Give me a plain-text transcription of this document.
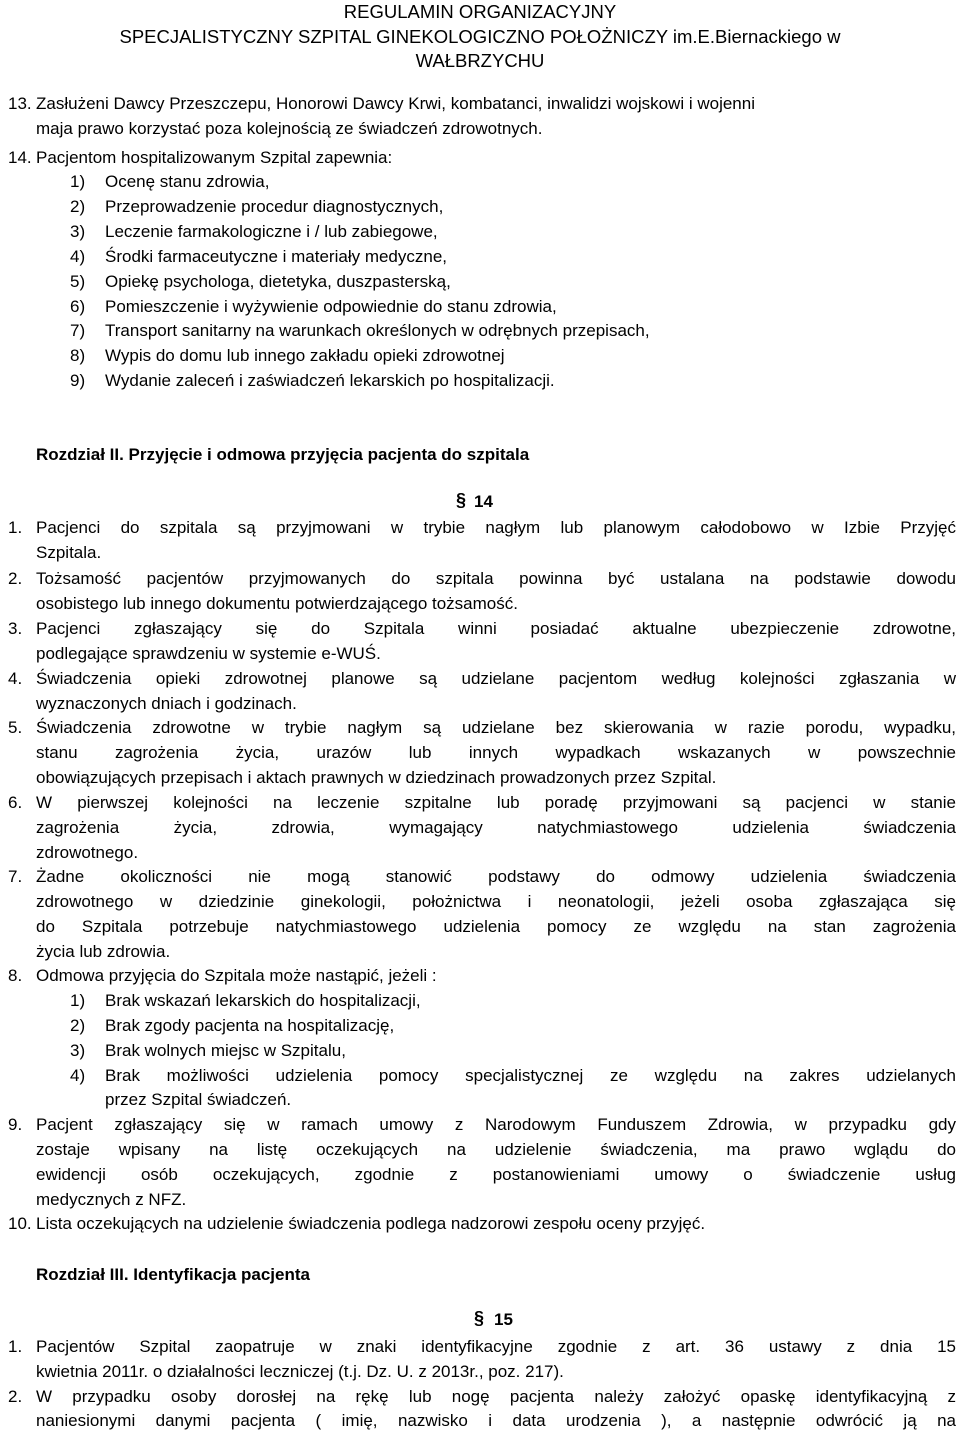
REGULAMIN ORGANIZACYJNY
SPECJALISTYCZNY SZPITAL GINEKOLOGICZNO POŁOŻNICZY im.E.Biernackiego w
WAŁBRZYCHU
13. Zasłużeni Dawcy Przeszczepu, Honorowi Dawcy Krwi, kombatanci, inwalidzi wojskowi i wojenni
maja prawo korzystać poza kolejnością ze świadczeń zdrowotnych.
14. Pacjentom hospitalizowanym Szpital zapewnia:
1) Ocenę stanu zdrowia,
2) Przeprowadzenie procedur diagnostycznych,
3) Leczenie farmakologiczne i / lub zabiegowe,
4) Środki farmaceutyczne i materiały medyczne,
5) Opiekę psychologa, dietetyka, duszpasterską,
6) Pomieszczenie i wyżywienie odpowiednie do stanu zdrowia,
7) Transport sanitarny na warunkach określonych w odrębnych przepisach,
8) Wypis do domu lub innego zakładu opieki zdrowotnej
9) Wydanie zaleceń i zaświadczeń lekarskich po hospitalizacji.
Rozdział II. Przyjęcie i odmowa przyjęcia pacjenta do szpitala
§ 14
1. Pacjenci do szpitala są przyjmowani w trybie nagłym lub planowym całodobowo w Izbie Przyjęć
Szpitala.
2. Tożsamość pacjentów przyjmowanych do szpitala powinna być ustalana na podstawie dowodu
osobistego lub innego dokumentu potwierdzającego tożsamość.
3. Pacjenci zgłaszający się do Szpitala winni posiadać aktualne ubezpieczenie zdrowotne,
podlegające sprawdzeniu w systemie e-WUŚ.
4. Świadczenia opieki zdrowotnej planowe są udzielane pacjentom według kolejności zgłaszania w
wyznaczonych dniach i godzinach.
5. Świadczenia zdrowotne w trybie nagłym są udzielane bez skierowania w razie porodu, wypadku,
stanu zagrożenia życia, urazów lub innych wypadkach wskazanych w powszechnie
obowiązujących przepisach i aktach prawnych w dziedzinach prowadzonych przez Szpital.
6. W pierwszej kolejności na leczenie szpitalne lub poradę przyjmowani są pacjenci w stanie
zagrożenia życia, zdrowia, wymagający natychmiastowego udzielenia świadczenia
zdrowotnego.
7. Żadne okoliczności nie mogą stanowić podstawy do odmowy udzielenia świadczenia
zdrowotnego w dziedzinie ginekologii, położnictwa i neonatologii, jeżeli osoba zgłaszająca się
do Szpitala potrzebuje natychmiastowego udzielenia pomocy ze względu na stan zagrożenia
życia lub zdrowia.
8. Odmowa przyjęcia do Szpitala może nastąpić, jeżeli :
1) Brak wskazań lekarskich do hospitalizacji,
2) Brak zgody pacjenta na hospitalizację,
3) Brak wolnych miejsc w Szpitalu,
4) Brak możliwości udzielenia pomocy specjalistycznej ze względu na zakres udzielanych
przez Szpital świadczeń.
9. Pacjent zgłaszający się w ramach umowy z Narodowym Funduszem Zdrowia, w przypadku gdy
zostaje wpisany na listę oczekujących na udzielenie świadczenia, ma prawo wglądu do
ewidencji osób oczekujących, zgodnie z postanowieniami umowy o świadczenie usług
medycznych z NFZ.
10. Lista oczekujących na udzielenie świadczenia podlega nadzorowi zespołu oceny przyjęć.
Rozdział III. Identyfikacja pacjenta
§ 15
1. Pacjentów Szpital zaopatruje w znaki identyfikacyjne zgodnie z art. 36 ustawy z dnia 15
kwietnia 2011r. o działalności leczniczej (t.j. Dz. U. z 2013r., poz. 217).
2. W przypadku osoby dorosłej na rękę lub nogę pacjenta należy założyć opaskę identyfikacyjną z
naniesionymi danymi pacjenta ( imię, nazwisko i data urodzenia ), a następnie odwrócić ją na
